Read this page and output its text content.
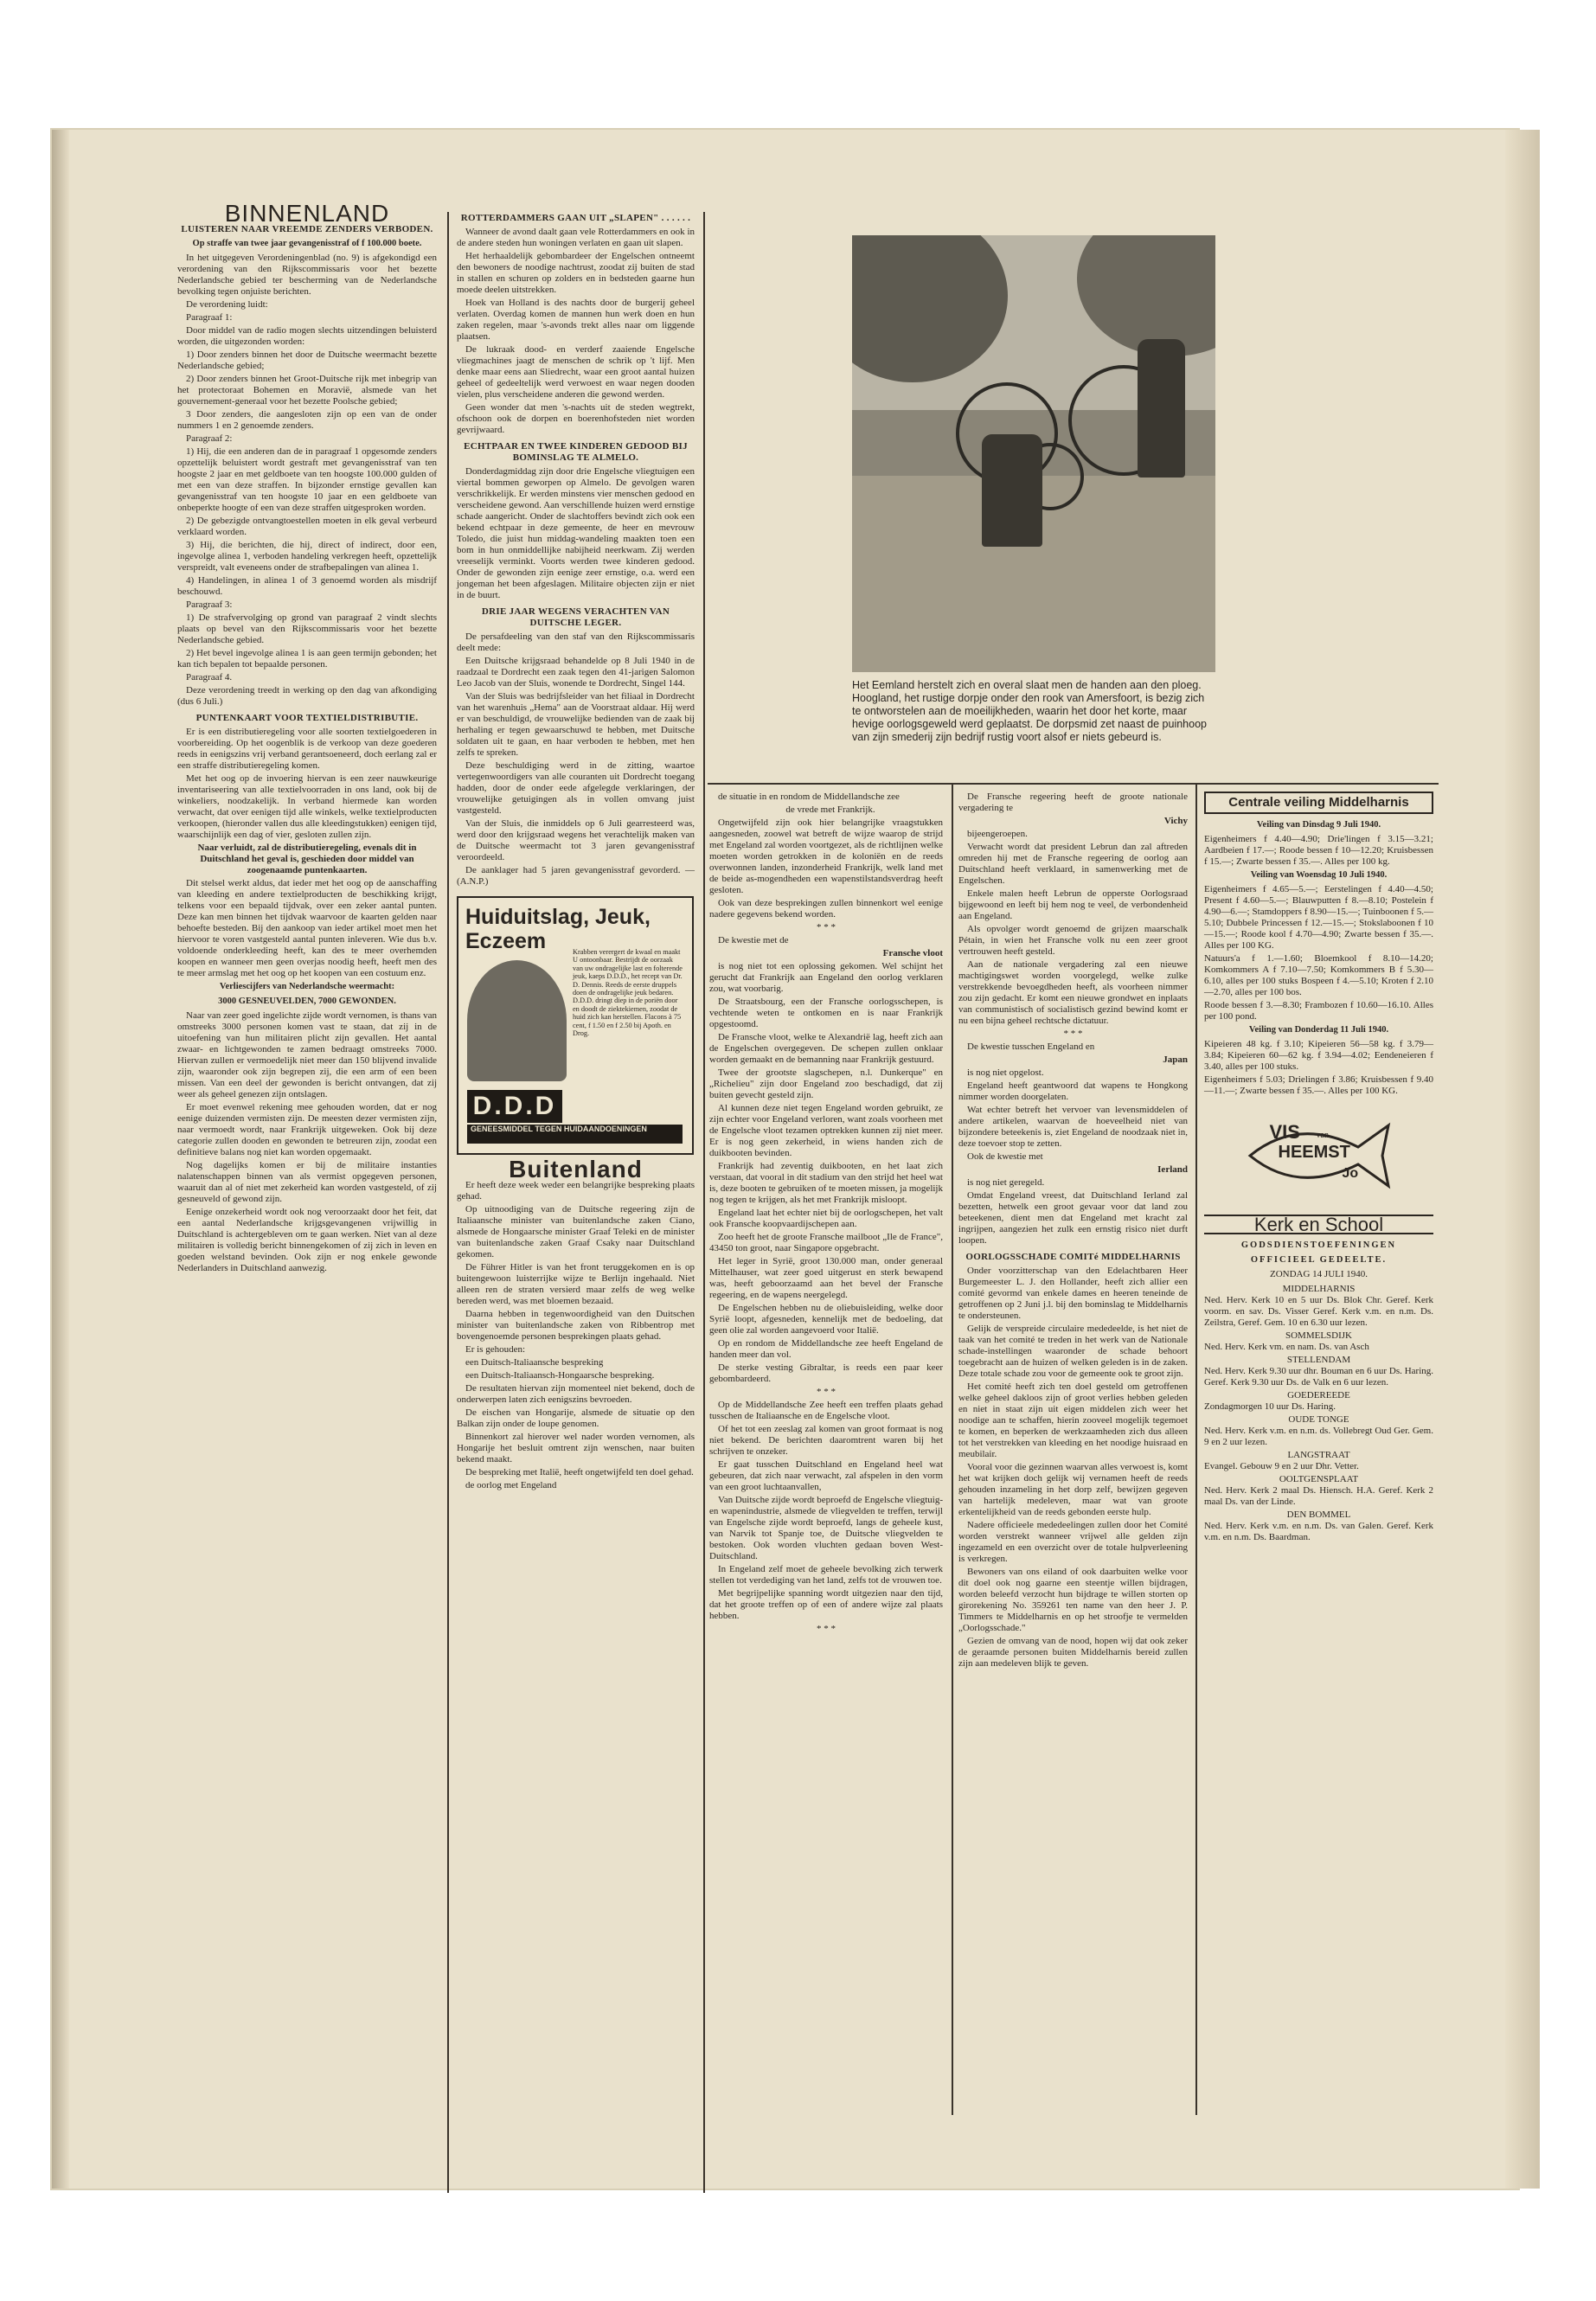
BINNENLAND
LUISTEREN NAAR VREEMDE ZENDERS VERBODEN.
Op straffe van twee jaar gevangenisstraf of f 100.000 boete.

In het uitgegeven Verordeningenblad (no. 9) is afgekondigd een verordening van den Rijkscommissaris voor het bezette Nederlandsche gebied ter bescherming van de Nederlandsche bevolking tegen onjuiste berichten.

De verordening luidt:

Paragraaf 1:

Door middel van de radio mogen slechts uitzendingen beluisterd worden, die uitgezonden worden:

1) Door zenders binnen het door de Duitsche weermacht bezette Nederlandsche gebied;

2) Door zenders binnen het Groot-Duitsche rijk met inbegrip van het protectoraat Bohemen en Moravië, alsmede van het gouvernement-generaal voor het bezette Poolsche gebied;

3 Door zenders, die aangesloten zijn op een van de onder nummers 1 en 2 genoemde zenders.

Paragraaf 2:

1) Hij, die een anderen dan de in paragraaf 1 opgesomde zenders opzettelijk beluistert wordt gestraft met gevangenisstraf van ten hoogste 2 jaar en met geldboete van ten hoogste 100.000 gulden of met een van deze straffen. In bijzonder ernstige gevallen kan gevangenisstraf van ten hoogste 10 jaar en een geldboete van onbeperkte hoogte of een van deze straffen uitgesproken worden.

2) De gebezigde ontvangtoestellen moeten in elk geval verbeurd verklaard worden.

3) Hij, die berichten, die hij, direct of indirect, door een, ingevolge alinea 1, verboden handeling verkregen heeft, opzettelijk verspreidt, valt eveneens onder de strafbepalingen van alinea 1.

4) Handelingen, in alinea 1 of 3 genoemd worden als misdrijf beschouwd.

Paragraaf 3:

1) De strafvervolging op grond van paragraaf 2 vindt slechts plaats op bevel van den Rijkscommissaris voor het bezette Nederlandsche gebied.

2) Het bevel ingevolge alinea 1 is aan geen termijn gebonden; het kan tich bepalen tot bepaalde personen.

Paragraaf 4.

Deze verordening treedt in werking op den dag van afkondiging (dus 6 Juli.)

PUNTENKAART VOOR TEXTIELDISTRIBUTIE.

Er is een distributieregeling voor alle soorten textielgoederen in voorbereiding. Op het oogenblik is de verkoop van deze goederen reeds in eenigszins vrij verband gerantsoeneerd, doch eerlang zal er een straffe distributieregeling komen.

Met het oog op de invoering hiervan is een zeer nauwkeurige inventariseering van alle textielvoorraden in ons land, ook bij de winkeliers, noodzakelijk. In verband hiermede kan worden verwacht, dat over eenigen tijd alle winkels, welke textielproducten verkoopen, (hieronder vallen dus alle kleedingstukken) eenigen tijd, waarschijnlijk een dag of vier, gesloten zullen zijn.

Naar verluidt, zal de distributieregeling, evenals dit in Duitschland het geval is, geschieden door middel van zoogenaamde puntenkaarten.

Dit stelsel werkt aldus, dat ieder met het oog op de aanschaffing van kleeding en andere textielproducten de beschikking krijgt, telkens voor een bepaald tijdvak, over een zeker aantal punten. Deze kan men binnen het tijdvak waarvoor de kaarten gelden naar behoefte besteden. Bij den aankoop van ieder artikel moet men het hiervoor te voren vastgesteld aantal punten inleveren. Wie dus b.v. voldoende onderkleeding heeft, kan des te meer overhemden koopen en wanneer men geen overjas noodig heeft, heeft men des te meer armslag met het oog op het koopen van een costuum enz.

Verliescijfers van Nederlandsche weermacht:
3000 GESNEUVELDEN, 7000 GEWONDEN.

Naar van zeer goed ingelichte zijde wordt vernomen, is thans van omstreeks 3000 personen komen vast te staan, dat zij in de uitoefening van hun militairen plicht zijn gevallen. Het aantal zwaar- en lichtgewonden te zamen bedraagt omstreeks 7000. Hiervan zullen er vermoedelijk niet meer dan 150 blijvend invalide zijn, waaronder ook zijn begrepen zij, die een arm of een been missen. Van een deel der gewonden is bericht ontvangen, dat zij weer als geheel genezen zijn ontslagen.

Er moet evenwel rekening mee gehouden worden, dat er nog eenige duizenden vermisten zijn. De meesten dezer vermisten zijn, naar vermoedt wordt, naar Frankrijk uitgeweken. Ook bij deze categorie zullen dooden en gewonden te betreuren zijn, zoodat een definitieve balans nog niet kan worden opgemaakt.

Nog dagelijks komen er bij de militaire instanties nalatenschappen binnen van als vermist opgegeven personen, waaruit dan al of niet met zekerheid kan worden vastgesteld, of zij gesneuveld of gewond zijn.

Eenige onzekerheid wordt ook nog veroorzaakt door het feit, dat een aantal Nederlandsche krijgsgevangenen vrijwillig in Duitschland is achtergebleven om te gaan werken. Niet van al deze militairen is volledig bericht binnengekomen of zij zich in leven en goeden welstand bevinden. Ook zijn er nog enkele gewonde Nederlanders in Duitschland aanwezig.

ROTTERDAMMERS GAAN UIT „SLAPEN" . . . . . .

Wanneer de avond daalt gaan vele Rotterdammers en ook in de andere steden hun woningen verlaten en gaan uit slapen.

Het herhaaldelijk gebombardeer der Engelschen ontneemt den bewoners de noodige nachtrust, zoodat zij buiten de stad in stallen en schuren op zolders en in bedsteden gaarne hun moede deelen uitstrekken.

Hoek van Holland is des nachts door de burgerij geheel verlaten. Overdag komen de mannen hun werk doen en hun zaken regelen, maar 's-avonds trekt alles naar om liggende plaatsen.

De lukraak dood- en verderf zaaiende Engelsche vliegmachines jaagt de menschen de schrik op 't lijf. Men denke maar eens aan Sliedrecht, waar een groot aantal huizen geheel of gedeeltelijk werd verwoest en waar negen dooden vielen, plus verscheidene anderen die gewond werden.

Geen wonder dat men 's-nachts uit de steden wegtrekt, ofschoon ook de dorpen en boerenhofsteden niet worden gevrijwaard.

ECHTPAAR EN TWEE KINDEREN GEDOOD BIJ BOMINSLAG TE ALMELO.

Donderdagmiddag zijn door drie Engelsche vliegtuigen een viertal bommen geworpen op Almelo. De gevolgen waren verschrikkelijk. Er werden minstens vier menschen gedood en verscheidene gewond. Aan verschillende huizen werd ernstige schade aangericht. Onder de slachtoffers bevindt zich ook een bekend echtpaar in deze gemeente, de heer en mevrouw Toledo, die juist hun middag-wandeling maakten toen een bom in hun onmiddellijke nabijheid neerkwam. Zij werden vreeselijk verminkt. Voorts werden twee kinderen gedood. Onder de gewonden zijn eenige zeer ernstige, o.a. werd een jongeman het been afgeslagen. Militaire objecten zijn er niet in de buurt.

DRIE JAAR WEGENS VERACHTEN VAN DUITSCHE LEGER.

De persafdeeling van den staf van den Rijkscommissaris deelt mede:

Een Duitsche krijgsraad behandelde op 8 Juli 1940 in de raadzaal te Dordrecht een zaak tegen den 41-jarigen Salomon Leo Jacob van der Sluis, wonende te Dordrecht, Singel 144.

Van der Sluis was bedrijfsleider van het filiaal in Dordrecht van het warenhuis „Hema" aan de Voorstraat aldaar. Hij werd er van beschuldigd, de vrouwelijke bedienden van de zaak bij herhaling er tegen gewaarschuwd te hebben, met Duitsche soldaten uit te gaan, en haar verboden te hebben, met hen zelfs te spreken.

Deze beschuldiging werd in de zitting, waartoe vertegenwoordigers van alle couranten uit Dordrecht toegang hadden, door de onder eede afgelegde verklaringen, der vrouwelijke getuigingen als in vollen omvang juist vastgesteld.

Van der Sluis, die inmiddels op 6 Juli gearresteerd was, werd door den krijgsraad wegens het verachtelijk maken van de Duitsche weermacht tot 3 jaren gevangenisstraf veroordeeld.

De aanklager had 5 jaren gevangenisstraf gevorderd. — (A.N.P.)

Huiduitslag, Jeuk,
Eczeem	Krabben verergert de kwaal en maakt U ontoonbaar. Bestrijdt de oorzaak van uw ondragelijke last en folterende jeuk, kaeps D.D.D., het recept van Dr. D. Dennis. Reeds de eerste druppels doen de ondragelijke jeuk bedaren. D.D.D. dringt diep in de poriën door en doodt de ziektekiemen, zoodat de huid zich kan herstellen. Flacons à 75 cent, f 1.50 en f 2.50 bij Apoth. en Drog.
D.D.D
GENEESMIDDEL TEGEN HUIDAANDOENINGEN
Buitenland

Er heeft deze week weder een belangrijke bespreking plaats gehad.

Op uitnoodiging van de Duitsche regeering zijn de Italiaansche minister van buitenlandsche zaken Ciano, alsmede de Hongaarsche minister Graaf Teleki en de minister van buitenlandsche zaken Graaf Csaky naar Duitschland gekomen.

De Führer Hitler is van het front teruggekomen en is op buitengewoon luisterrijke wijze te Berlijn ingehaald. Niet alleen ren de straten versierd maar zelfs de weg welke bereden werd, was met bloemen bezaaid.

Daarna hebben in tegenwoordigheid van den Duitschen minister van buitenlandsche zaken von Ribbentrop met bovengenoemde personen besprekingen plaats gehad.

Er is gehouden:

een Duitsch-Italiaansche bespreking

een Duitsch-Italiaansch-Hongaarsche bespreking.

De resultaten hiervan zijn momenteel niet bekend, doch de onderwerpen laten zich eenigszins bevroeden.

De eischen van Hongarije, alsmede de situatie op den Balkan zijn onder de loupe genomen.

Binnenkort zal hierover wel nader worden vernomen, als Hongarije het besluit omtrent zijn wenschen, naar buiten bekend maakt.

De bespreking met Italië, heeft ongetwijfeld ten doel gehad.

de oorlog met Engeland

Het Eemland herstelt zich en overal slaat men de handen aan den ploeg. Hoogland, het rustige dorpje onder den rook van Amersfoort, is bezig zich te ontworstelen aan de moeilijkheden, waarin het door het korte, maar hevige oorlogsgeweld werd geplaatst. De dorpsmid zet naast de puinhoop van zijn smederij zijn bedrijf rustig voort alsof er niets gebeurd is.

de situatie in en rondom de Middellandsche zee

de vrede met Frankrijk.

Ongetwijfeld zijn ook hier belangrijke vraagstukken aangesneden, zoowel wat betreft de wijze waarop de strijd met Engeland zal worden voortgezet, als de richtlijnen welke moeten worden getrokken in de koloniën en de reeds overwonnen landen, inzonderheid Frankrijk, welk land met de beide as-mogendheden een wapenstilstandsverdrag heeft gesloten.

Ook van deze besprekingen zullen binnenkort wel eenige nadere gegevens bekend worden.

* * *

De kwestie met de

Fransche vloot

is nog niet tot een oplossing gekomen. Wel schijnt het gerucht dat Frankrijk aan Engeland den oorlog verklaren zou, wat voorbarig.

De Straatsbourg, een der Fransche oorlogsschepen, is vechtende weten te ontkomen en is naar Frankrijk opgestoomd.

De Fransche vloot, welke te Alexandrië lag, heeft zich aan de Engelschen overgegeven. De schepen zullen onklaar worden gemaakt en de bemanning naar Frankrijk gestuurd.

Twee der grootste slagschepen, n.l. Dunkerque" en „Richelieu" zijn door Engeland zoo beschadigd, dat zij buiten gevecht gesteld zijn.

Al kunnen deze niet tegen Engeland worden gebruikt, ze zijn echter voor Engeland verloren, want zoals voorheen met de Engelsche vloot tezamen optrekken kunnen zij niet meer. Er is nog geen zekerheid, in wiens handen zich de duikbooten bevinden.

Frankrijk had zeventig duikbooten, en het laat zich verstaan, dat vooral in dit stadium van den strijd het heel wat is, deze booten te gebruiken of te moeten missen, ja mogelijk nog tegen te krijgen, als het met Frankrijk misloopt.

Engeland laat het echter niet bij de oorlogschepen, het valt ook Fransche koopvaardijschepen aan.

Zoo heeft het de groote Fransche mailboot „Ile de France", 43450 ton groot, naar Singapore opgebracht.

Het leger in Syrië, groot 130.000 man, onder generaal Mittelhauser, wat zeer goed uitgerust en sterk bewapend was, heeft geboorzaamd aan het bevel der Fransche regeering, en de wapens neergelegd.

De Engelschen hebben nu de oliebuisleiding, welke door Syrië loopt, afgesneden, kennelijk met de bedoeling, dat geen olie zal worden aangevoerd voor Italië.

Op en rondom de Middellandsche zee heeft Engeland de handen meer dan vol.

De sterke vesting Gibraltar, is reeds een paar keer gebombardeerd.

* * *

Op de Middellandsche Zee heeft een treffen plaats gehad tusschen de Italiaansche en de Engelsche vloot.

Of het tot een zeeslag zal komen van groot formaat is nog niet bekend. De berichten daaromtrent waren bij het schrijven te onzeker.

Er gaat tusschen Duitschland en Engeland heel wat gebeuren, dat zich naar verwacht, zal afspelen in den vorm van een groot luchtaanvallen,

Van Duitsche zijde wordt beproefd de Engelsche vliegtuig- en wapenindustrie, alsmede de vliegvelden te treffen, terwijl van Engelsche zijde wordt beproefd, langs de geheele kust, van Narvik tot Spanje toe, de Duitsche vliegvelden te bestoken. Ook worden vluchten gedaan boven West-Duitschland.

In Engeland zelf moet de geheele bevolking zich terwerk stellen tot verdediging van het land, zelfs tot de vrouwen toe.

Met begrijpelijke spanning wordt uitgezien naar den tijd, dat het groote treffen op of een of andere wijze zal plaats hebben.

* * *

De Fransche regeering heeft de groote nationale vergadering te

Vichy

bijeengeroepen.

Verwacht wordt dat president Lebrun dan zal aftreden omreden hij met de Fransche regeering de oorlog aan Duitschland heeft verklaard, in samenwerking met de Engelschen.

Enkele malen heeft Lebrun de opperste Oorlogsraad bijgewoond en leeft bij hem nog te veel, de verbondenheid aan Engeland.

Als opvolger wordt genoemd de grijzen maarschalk Pétain, in wien het Fransche volk nu een zeer groot vertrouwen heeft gesteld.

Aan de nationale vergadering zal een nieuwe machtigingswet worden voorgelegd, welke zulke verstrekkende bevoegdheden heeft, als voorheen nimmer zou zijn gedacht. Er komt een nieuwe grondwet en inplaats van communistisch of socialistisch gezind bewind komt er nu een bijna geheel rechtsche dictatuur.

* * *

De kwestie tusschen Engeland en

Japan

is nog niet opgelost.

Engeland heeft geantwoord dat wapens te Hongkong nimmer worden doorgelaten.

Wat echter betreft het vervoer van levensmiddelen of andere artikelen, waarvan de hoeveelheid niet van bijzondere beteekenis is, ziet Engeland de noodzaak niet in, deze toevoer stop te zetten.

Ook de kwestie met

Ierland

is nog niet geregeld.

Omdat Engeland vreest, dat Duitschland Ierland zal bezetten, hetwelk een groot gevaar voor dat land zou beteekenen, dient men dat Engeland met kracht zal ingrijpen, aangezien het zulk een ernstig risico niet durft loopen.

OORLOGSSCHADE COMITé MIDDELHARNIS

Onder voorzitterschap van den Edelachtbaren Heer Burgemeester L. J. den Hollander, heeft zich allier een comité gevormd van enkele dames en heeren teneinde de getroffenen op 2 Juni j.l. bij den bominslag te Middelharnis te ondersteunen.

Gelijk de verspreide circulaire mededeelde, is het niet de taak van het comité te treden in het werk van de Nationale schade-instellingen waaronder de schade behoort toegebracht aan de huizen of welken geleden is in de zaken. Deze totale schade zou voor de gemeente ook te groot zijn.

Het comité heeft zich ten doel gesteld om getroffenen welke geheel dakloos zijn of groot verlies hebben geleden en niet in staat zijn uit eigen middelen zich weer het noodige aan te schaffen, hierin zooveel mogelijk tegemoet te komen, en beperken de werkzaamheden zich dus alleen tot het verstrekken van kleeding en het noodige huisraad en meubilair.

Vooral voor die gezinnen waarvan alles verwoest is, komt het wat krijken doch gelijk wij vernamen heeft de reeds gehouden inzameling in het dorp zelf, bewijzen gegeven van hartelijk medeleven, maar wat van groote erkentelijkheid van de reeds gebonden eerste hulp.

Nadere officieele mededeelingen zullen door het Comité worden verstrekt wanneer vrijwel alle gelden zijn ingezameld en een overzicht over de totale hulpverleening is verkregen.

Bewoners van ons eiland of ook daarbuiten welke voor dit doel ook nog gaarne een steentje willen bijdragen, worden beleefd verzocht hun bijdrage te willen storten op girorekening No. 359261 ten name van den heer J. P. Timmers te Middelharnis en op het stroofje te vermelden „Oorlogsschade."

Gezien de omvang van de nood, hopen wij dat ook zeker de geraamde personen buiten Middelharnis bereid zullen zijn aan medeleven blijk te geven.

Centrale veiling Middelharnis
Veiling van Dinsdag 9 Juli 1940.

Eigenheimers f 4.40—4.90; Drie'lingen f 3.15—3.21; Aardbeien f 17.—; Roode bessen f 10—12.20; Kruisbessen f 15.—; Zwarte bessen f 35.—. Alles per 100 kg.

Veiling van Woensdag 10 Juli 1940.

Eigenheimers f 4.65—5.—; Eerstelingen f 4.40—4.50; Present f 4.60—5.—; Blauwputten f 8.—8.10; Postelein f 4.90—6.—; Stamdoppers f 8.90—15.—; Tuinboonen f 5.—5.10; Dubbele Princessen f 12.—15.—; Stokslaboonen f 10—15.—; Roode kool f 4.70—4.90; Zwarte bessen f 35.—. Alles per 100 KG.

Natuurs'a f 1.—1.60; Bloemkool f 8.10—14.20; Komkommers A f 7.10—7.50; Komkommers B f 5.30—6.10, alles per 100 stuks Bospeen f 4.—5.10; Kroten f 2.10—2.70, alles per 100 bos.

Roode bessen f 3.—8.30; Frambozen f 10.60—16.10. Alles per 100 pond.

Veiling van Donderdag 11 Juli 1940.

Kipeieren 48 kg. f 3.10; Kipeieren 56—58 kg. f 3.79—3.84; Kipeieren 60—62 kg. f 3.94—4.02; Eendeneieren f 3.40, alles per 100 stuks.

Eigenheimers f 5.03; Drielingen f 3.86; Kruisbessen f 9.40—11.—; Zwarte bessen f 35.—. Alles per 100 KG.

VIS van
HEEMST
Jo
Kerk en School
GODSDIENSTOEFENINGEN
OFFICIEEL GEDEELTE.
ZONDAG 14 JULI 1940.
MIDDELHARNIS

Ned. Herv. Kerk 10 en 5 uur Ds. Blok Chr. Geref. Kerk voorm. en sav. Ds. Visser Geref. Kerk v.m. en n.m. Ds. Zeilstra, Geref. Gem. 10 en 6.30 uur lezen.

SOMMELSDIJK

Ned. Herv. Kerk vm. en nam. Ds. van Asch

STELLENDAM

Ned. Herv. Kerk 9.30 uur dhr. Bouman en 6 uur Ds. Haring. Geref. Kerk 9.30 uur Ds. de Valk en 6 uur lezen.

GOEDEREEDE

Zondagmorgen 10 uur Ds. Haring.

OUDE TONGE

Ned. Herv. Kerk v.m. en n.m. ds. Vollebregt Oud Ger. Gem. 9 en 2 uur lezen.

LANGSTRAAT

Evangel. Gebouw 9 en 2 uur Dhr. Vetter.

OOLTGENSPLAAT

Ned. Herv. Kerk 2 maal Ds. Hiensch. H.A. Geref. Kerk 2 maal Ds. van der Linde.

DEN BOMMEL

Ned. Herv. Kerk v.m. en n.m. Ds. van Galen. Geref. Kerk v.m. en n.m. Ds. Baardman.
